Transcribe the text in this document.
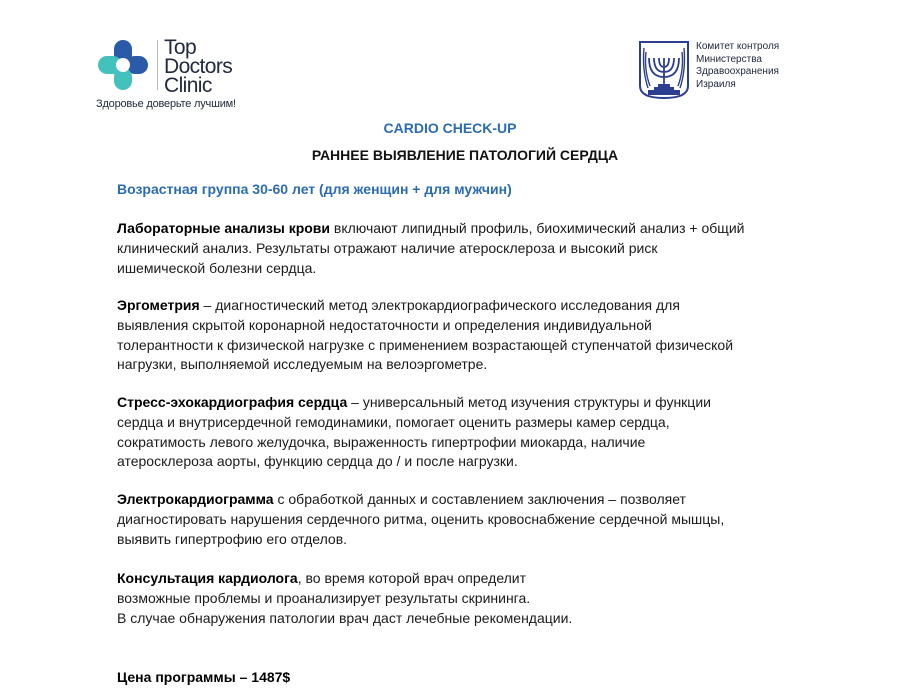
Top
Doctors
Clinic
Здоровье доверьте лучшим!
Комитет контроля
Министерства
Здравоохранения
Израиля
CARDIO CHECK-UP
РАННЕЕ ВЫЯВЛЕНИЕ ПАТОЛОГИЙ СЕРДЦА
Возрастная группа 30-60 лет (для женщин + для мужчин)
Лабораторные анализы крови включают липидный профиль, биохимический анализ + общий
клинический анализ. Результаты отражают наличие атеросклероза и высокий риск
ишемической болезни сердца.
Эргометрия – диагностический метод электрокардиографического исследования для
выявления скрытой коронарной недостаточности и определения индивидуальной
толерантности к физической нагрузке с применением возрастающей ступенчатой физической
нагрузки, выполняемой исследуемым на велоэргометре.
Стресс-эхокардиография сердца – универсальный метод изучения структуры и функции
сердца и внутрисердечной гемодинамики, помогает оценить размеры камер сердца,
сократимость левого желудочка, выраженность гипертрофии миокарда, наличие
атеросклероза аорты, функцию сердца до / и после нагрузки.
Электрокардиограмма с обработкой данных и составлением заключения – позволяет
диагностировать нарушения сердечного ритма, оценить кровоснабжение сердечной мышцы,
выявить гипертрофию его отделов.
Консультация кардиолога, во время которой врач определит
возможные проблемы и проанализирует результаты скрининга.
В случае обнаружения патологии врач даст лечебные рекомендации.
Цена программы – 1487$
